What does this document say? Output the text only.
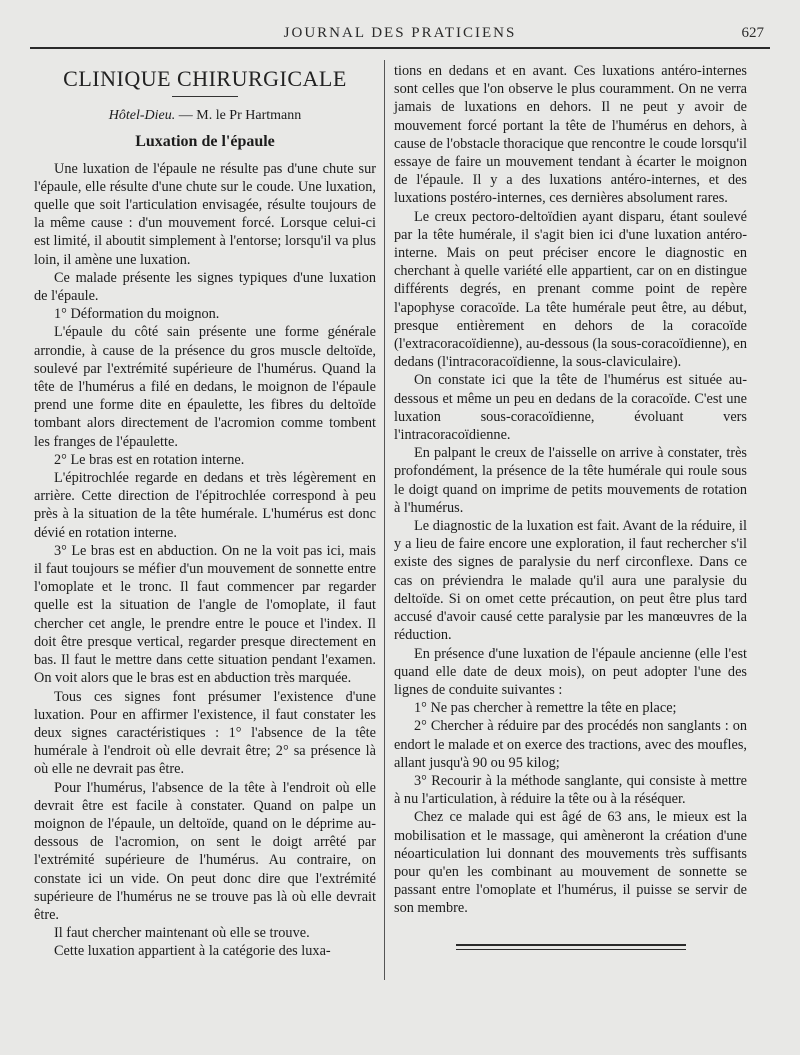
JOURNAL DES PRATICIENS	627
CLINIQUE CHIRURGICALE
Hôtel-Dieu. — M. le Pr Hartmann
Luxation de l'épaule

Une luxation de l'épaule ne résulte pas d'une chute sur l'épaule, elle résulte d'une chute sur le coude. Une luxation, quelle que soit l'articulation envisagée, résulte toujours de la même cause : d'un mouvement forcé. Lorsque celui-ci est limité, il aboutit simplement à l'entorse; lorsqu'il va plus loin, il amène une luxation.

Ce malade présente les signes typiques d'une luxation de l'épaule.

1° Déformation du moignon.

L'épaule du côté sain présente une forme générale arrondie, à cause de la présence du gros muscle deltoïde, soulevé par l'extrémité supérieure de l'humérus. Quand la tête de l'humérus a filé en dedans, le moignon de l'épaule prend une forme dite en épaulette, les fibres du deltoïde tombant alors directement de l'acromion comme tombent les franges de l'épaulette.

2° Le bras est en rotation interne.

L'épitrochlée regarde en dedans et très légèrement en arrière. Cette direction de l'épitrochlée correspond à peu près à la situation de la tête humérale. L'humérus est donc dévié en rotation interne.

3° Le bras est en abduction. On ne la voit pas ici, mais il faut toujours se méfier d'un mouvement de sonnette entre l'omoplate et le tronc. Il faut commencer par regarder quelle est la situation de l'angle de l'omoplate, il faut chercher cet angle, le prendre entre le pouce et l'index. Il doit être presque vertical, regarder presque directement en bas. Il faut le mettre dans cette situation pendant l'examen. On voit alors que le bras est en abduction très marquée.

Tous ces signes font présumer l'existence d'une luxation. Pour en affirmer l'existence, il faut constater les deux signes caractéristiques : 1° l'absence de la tête humérale à l'endroit où elle devrait être; 2° sa présence là où elle ne devrait pas être.

Pour l'humérus, l'absence de la tête à l'endroit où elle devrait être est facile à constater. Quand on palpe un moignon de l'épaule, un deltoïde, quand on le déprime au-dessous de l'acromion, on sent le doigt arrêté par l'extrémité supérieure de l'humérus. Au contraire, on constate ici un vide. On peut donc dire que l'extrémité supérieure de l'humérus ne se trouve pas là où elle devrait être.

Il faut chercher maintenant où elle se trouve.

Cette luxation appartient à la catégorie des luxa-

tions en dedans et en avant. Ces luxations antéro-internes sont celles que l'on observe le plus couramment. On ne verra jamais de luxations en dehors. Il ne peut y avoir de mouvement forcé portant la tête de l'humérus en dehors, à cause de l'obstacle thoracique que rencontre le coude lorsqu'il essaye de faire un mouvement tendant à écarter le moignon de l'épaule. Il y a des luxations antéro-internes, et des luxations postéro-internes, ces dernières absolument rares.

Le creux pectoro-deltoïdien ayant disparu, étant soulevé par la tête humérale, il s'agit bien ici d'une luxation antéro-interne. Mais on peut préciser encore le diagnostic en cherchant à quelle variété elle appartient, car on en distingue différents degrés, en prenant comme point de repère l'apophyse coracoïde. La tête humérale peut être, au début, presque entièrement en dehors de la coracoïde (l'extracoracoïdienne), au-dessous (la sous-coracoïdienne), en dedans (l'intracoracoïdienne, la sous-claviculaire).

On constate ici que la tête de l'humérus est située au-dessous et même un peu en dedans de la coracoïde. C'est une luxation sous-coracoïdienne, évoluant vers l'intracoracoïdienne.

En palpant le creux de l'aisselle on arrive à constater, très profondément, la présence de la tête humérale qui roule sous le doigt quand on imprime de petits mouvements de rotation à l'humérus.

Le diagnostic de la luxation est fait. Avant de la réduire, il y a lieu de faire encore une exploration, il faut rechercher s'il existe des signes de paralysie du nerf circonflexe. Dans ce cas on préviendra le malade qu'il aura une paralysie du deltoïde. Si on omet cette précaution, on peut être plus tard accusé d'avoir causé cette paralysie par les manœuvres de la réduction.

En présence d'une luxation de l'épaule ancienne (elle l'est quand elle date de deux mois), on peut adopter l'une des lignes de conduite suivantes :

1° Ne pas chercher à remettre la tête en place;

2° Chercher à réduire par des procédés non sanglants : on endort le malade et on exerce des tractions, avec des moufles, allant jusqu'à 90 ou 95 kilog;

3° Recourir à la méthode sanglante, qui consiste à mettre à nu l'articulation, à réduire la tête ou à la réséquer.

Chez ce malade qui est âgé de 63 ans, le mieux est la mobilisation et le massage, qui amèneront la création d'une néoarticulation lui donnant des mouvements très suffisants pour qu'en les combinant au mouvement de sonnette se passant entre l'omoplate et l'humérus, il puisse se servir de son membre.
